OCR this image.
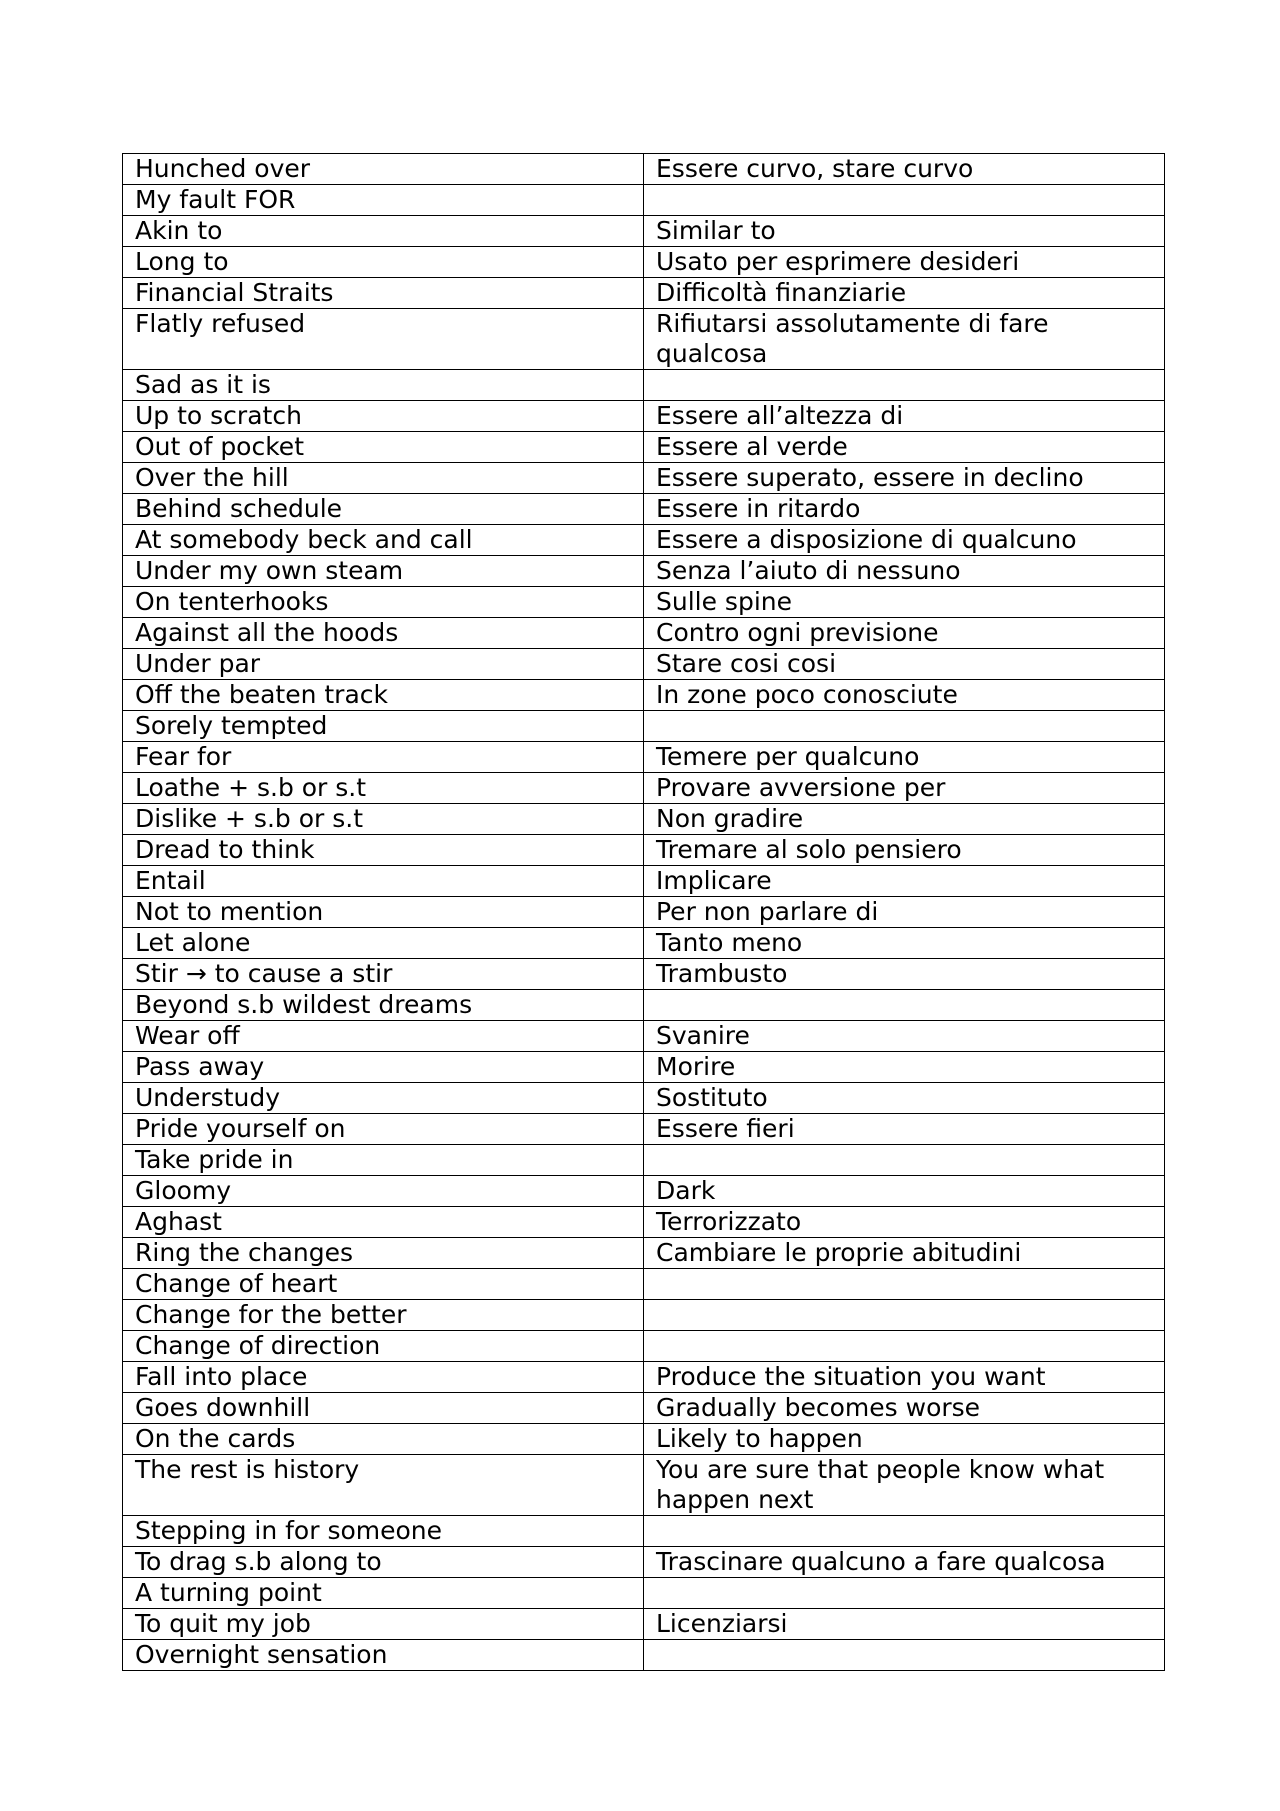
Hunched over	Essere curvo, stare curvo
My fault FOR	
Akin to	Similar to
Long to	Usato per esprimere desideri
Financial Straits	Difficoltà finanziarie
Flatly refused	Rifiutarsi assolutamente di fare qualcosa
Sad as it is	
Up to scratch	Essere all’altezza di
Out of pocket	Essere al verde
Over the hill	Essere superato, essere in declino
Behind schedule	Essere in ritardo
At somebody beck and call	Essere a disposizione di qualcuno
Under my own steam	Senza l’aiuto di nessuno
On tenterhooks	Sulle spine
Against all the hoods	Contro ogni previsione
Under par	Stare cosi cosi
Off the beaten track	In zone poco conosciute
Sorely tempted	
Fear for	Temere per qualcuno
Loathe + s.b or s.t	Provare avversione per
Dislike + s.b or s.t	Non gradire
Dread to think	Tremare al solo pensiero
Entail	Implicare
Not to mention	Per non parlare di
Let alone	Tanto meno
Stir → to cause a stir	Trambusto
Beyond s.b wildest dreams	
Wear off	Svanire
Pass away	Morire
Understudy	Sostituto
Pride yourself on	Essere fieri
Take pride in	
Gloomy	Dark
Aghast	Terrorizzato
Ring the changes	Cambiare le proprie abitudini
Change of heart	
Change for the better	
Change of direction	
Fall into place	Produce the situation you want
Goes downhill	Gradually becomes worse
On the cards	Likely to happen
The rest is history	You are sure that people know what happen next
Stepping in for someone	
To drag s.b along to	Trascinare qualcuno a fare qualcosa
A turning point	
To quit my job	Licenziarsi
Overnight sensation	
